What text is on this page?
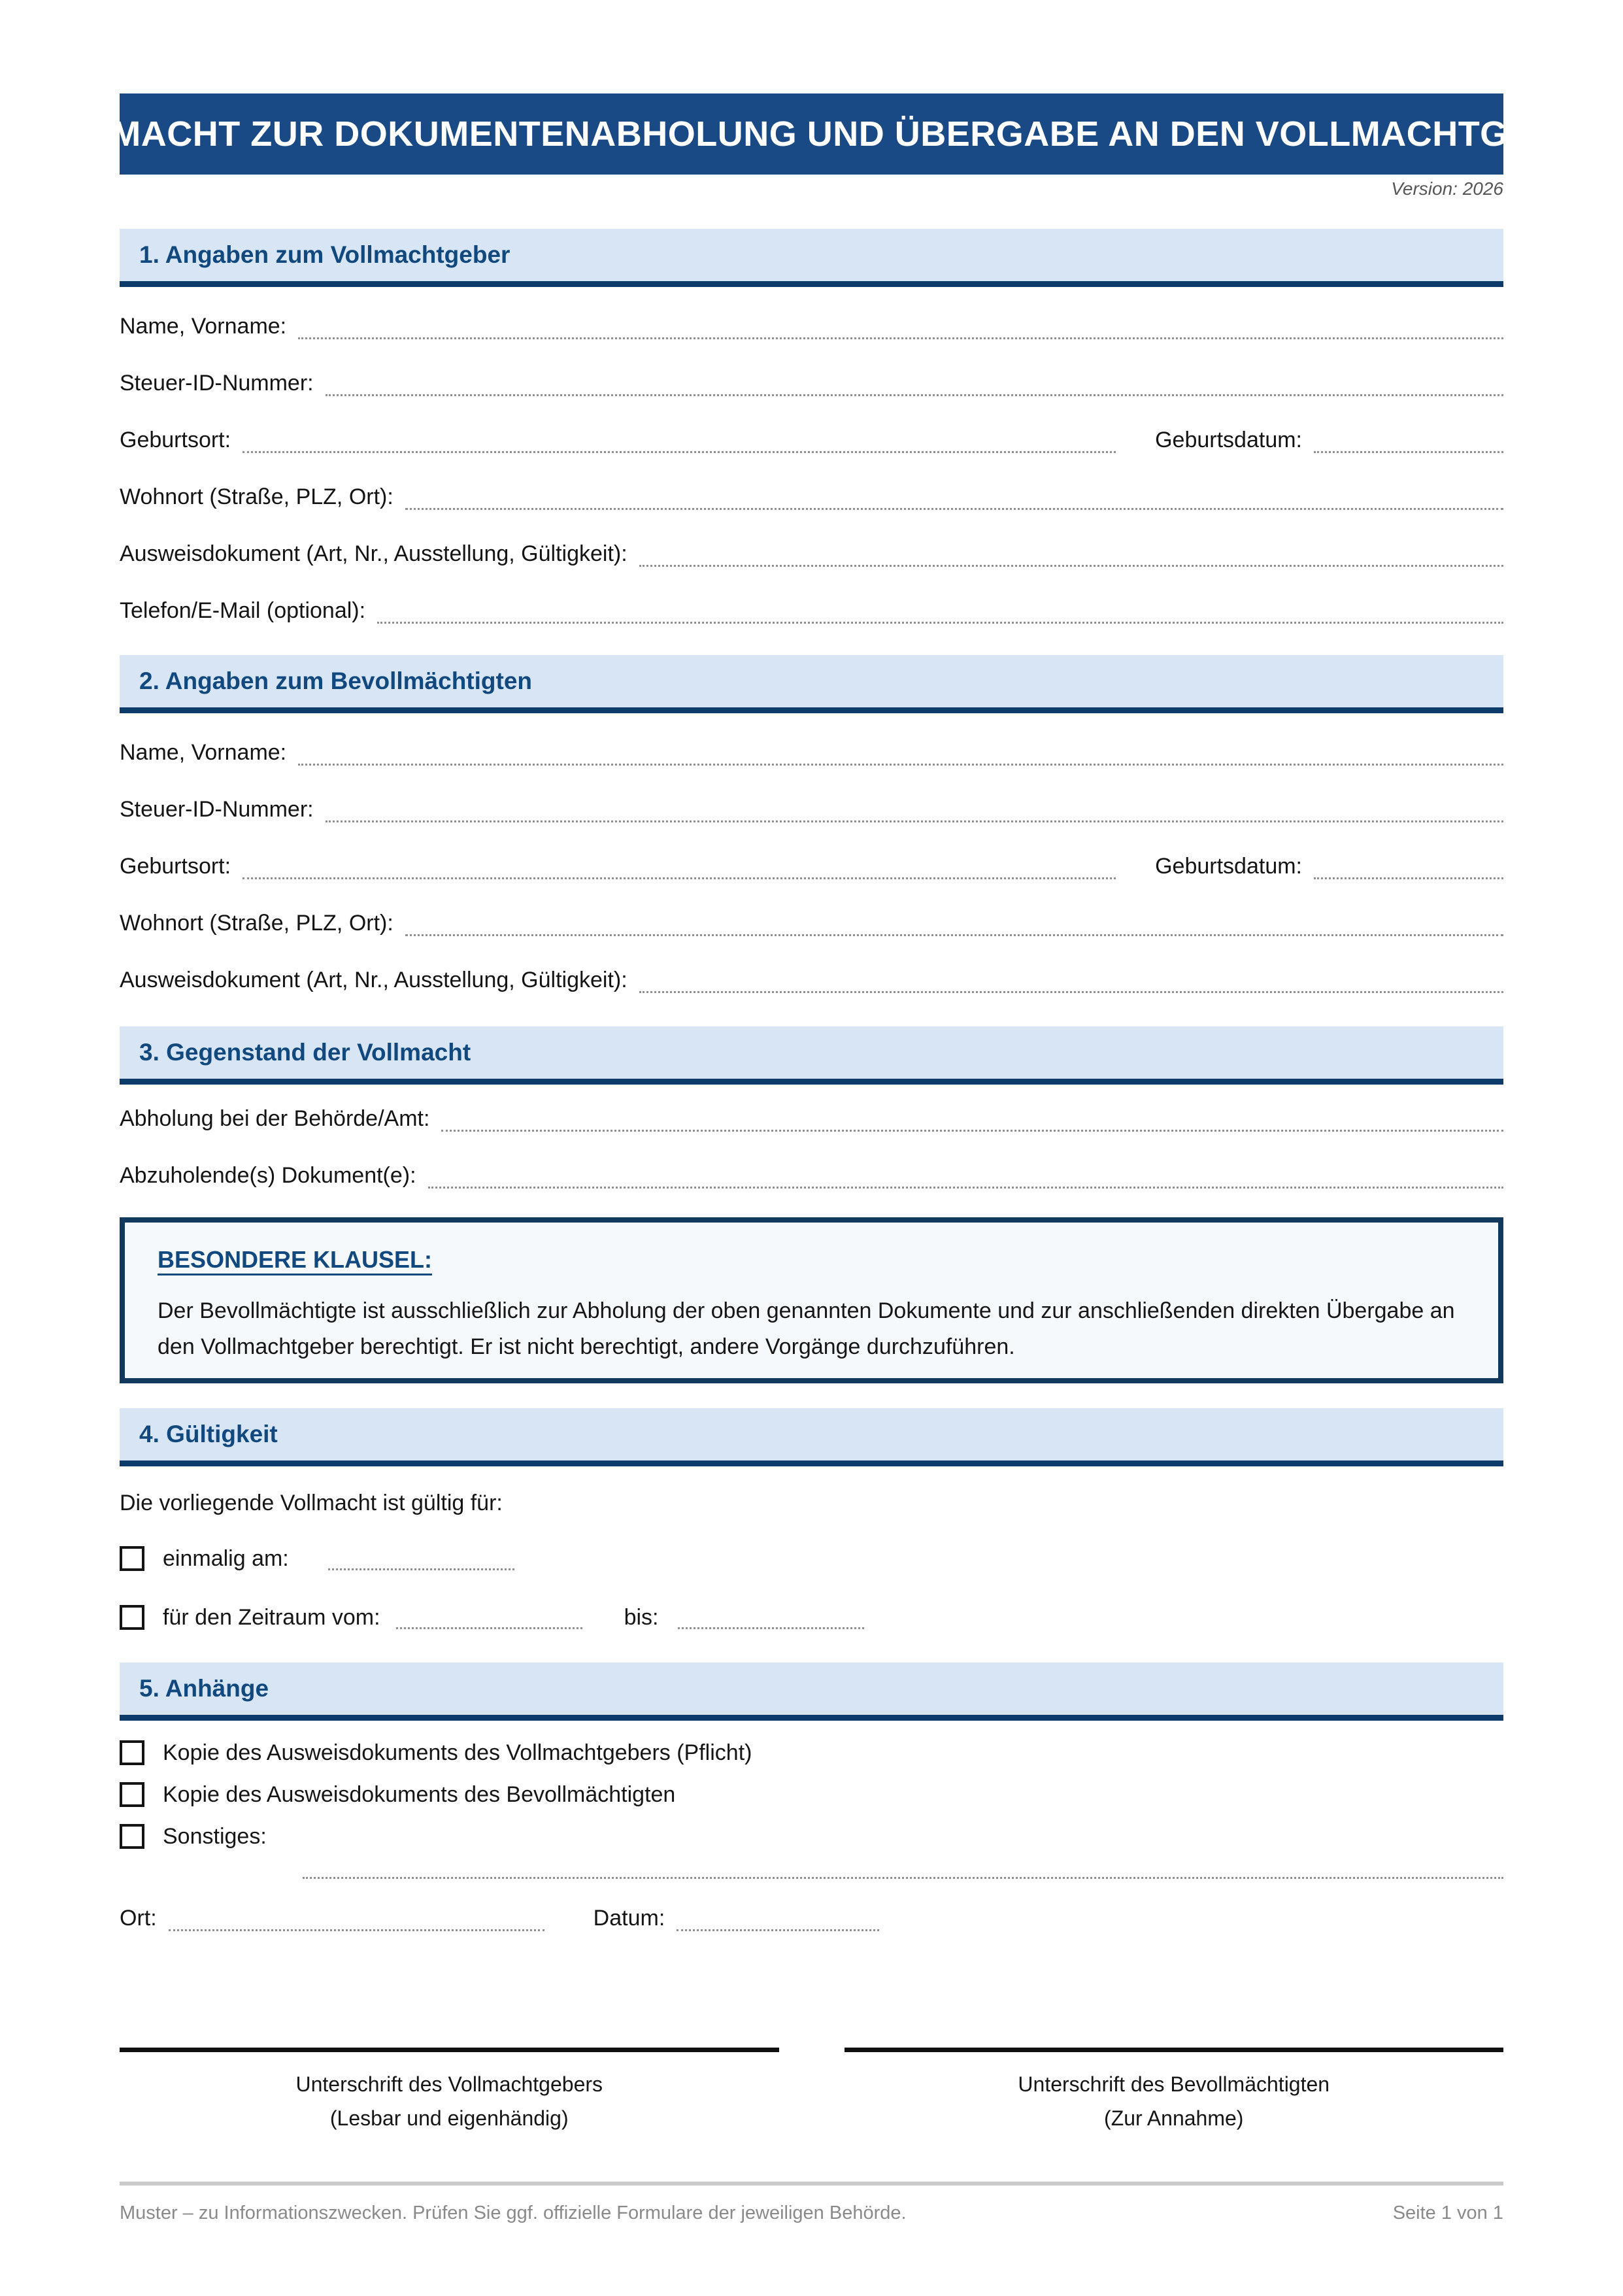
VOLLMACHT ZUR DOKUMENTENABHOLUNG UND ÜBERGABE AN DEN VOLLMACHTGEBER
Version: 2026
1. Angaben zum Vollmachtgeber
Name, Vorname:
Steuer-ID-Nummer:
Geburtsort:	Geburtsdatum:
Wohnort (Straße, PLZ, Ort):
Ausweisdokument (Art, Nr., Ausstellung, Gültigkeit):
Telefon/E-Mail (optional):
2. Angaben zum Bevollmächtigten
Name, Vorname:
Steuer-ID-Nummer:
Geburtsort:	Geburtsdatum:
Wohnort (Straße, PLZ, Ort):
Ausweisdokument (Art, Nr., Ausstellung, Gültigkeit):
3. Gegenstand der Vollmacht
Abholung bei der Behörde/Amt:
Abzuholende(s) Dokument(e):
BESONDERE KLAUSEL:

Der Bevollmächtigte ist ausschließlich zur Abholung der oben genannten Dokumente und zur anschließenden direkten Übergabe an den Vollmachtgeber berechtigt. Er ist nicht berechtigt, andere Vorgänge durchzuführen.

4. Gültigkeit
Die vorliegende Vollmacht ist gültig für:
einmalig am:
für den Zeitraum vom:	bis:
5. Anhänge
Kopie des Ausweisdokuments des Vollmachtgebers (Pflicht)
Kopie des Ausweisdokuments des Bevollmächtigten
Sonstiges:
Ort:	Datum:
Unterschrift des Vollmachtgebers
(Lesbar und eigenhändig)
Unterschrift des Bevollmächtigten
(Zur Annahme)
Muster – zu Informationszwecken. Prüfen Sie ggf. offizielle Formulare der jeweiligen Behörde.	Seite 1 von 1
